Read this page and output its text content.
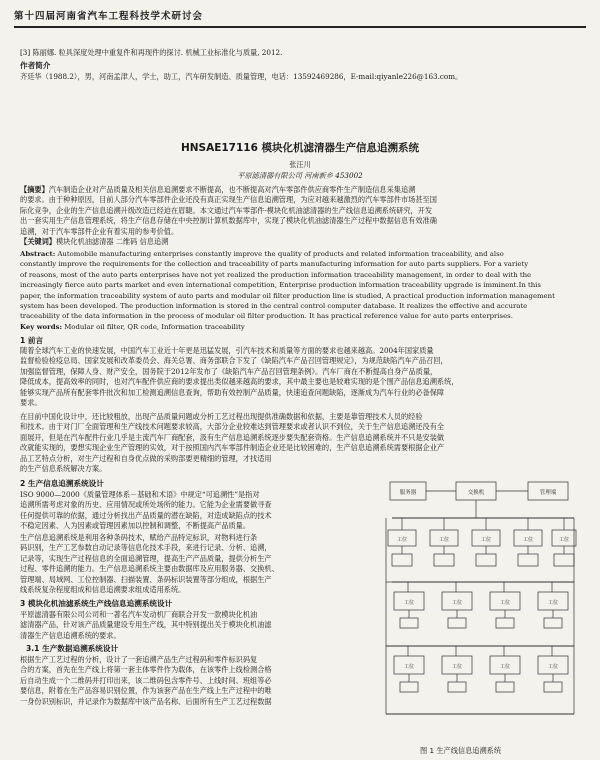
第十四届河南省汽车工程科技学术研讨会
[3] 陈丽娜. 粒具深度处理中重复件和再现件的探讨. 机械工业标准化与质量, 2012.
作者简介
齐廷华（1988.2），男，河南孟津人，学士，助工，汽车研发制造、质量管理，电话：13592469286，E-mail:qiyanle226@163.com。
HNSAE17116 模块化机滤清器生产信息追溯系统
张汪川
平原滤清器有限公司 河南新乡 453002
【摘要】汽车制造企业对产品质量及相关信息追溯要求不断提高，也不断提高对汽车零部件供应商零件生产制造信息采集追溯
的要求。由于种种原因，目前人部分汽车零部件企业还没有真正实现生产信息追溯管理，为应对越来越激烈的汽车零部件市场甚至国
际化竞争，企业的生产信息追溯升级改造已经迫在眉睫。本文通过汽车零部件-模块化机油滤清器的生产线信息追溯系统研究，开发
出一套实用生产信息管理系统，将生产信息存储在中央控制计算机数据库中，实现了模块化机油滤清器生产过程中数据信息有效准确
追溯，对于汽车零部件企业有着实用的参考价值。
【关键词】模块化机油滤清器 二维码 信息追溯
Abstract: Automobile manufacturing enterprises constantly improve the quality of products and related information traceability, and also
constantly improve the requirements for the collection and traceability of parts manufacturing information for auto parts suppliers. For a variety
of reasons, most of the auto parts enterprises have not yet realized the production information traceability management, in order to deal with the
increasingly fierce auto parts market and even international competition, Enterprise production information traceability upgrade is imminent.In this
paper, the information traceability system of auto parts and modular oil filter production line is studied, A practical production information management
system has been developed. The production information is stored in the central control computer database. It realizes the effective and accurate
traceability of the data information in the process of modular oil filter production. It has practical reference value for auto parts enterprises.
Key words: Modular oil filter, QR code, Information traceability
1 前言
随着全球汽车工业的快速发展，中国汽车工业近十年更是迅猛发展，引汽车技术和质量等方面的要求也越来越高。2004年国家质量
监督检验检疫总局、国家发展和改革委员会、海关总署、商务部联合下发了《缺陷汽车产品召回管理规定》，为规范缺陷汽车产品召回，
加强监督管理，保障人身、财产安全，国务院于2012年发布了《缺陷汽车产品召回管理条例》。汽车厂商在不断提高自身产品质量，
降低成本，提高效率的同时，也对汽车配件供应商的要求提出类似越来越高的要求，其中最主要也是较难实现的是个围产品信息追溯系统，
能够实现产品所有配套零件批次和加工检测追溯信息查询，帮助有效控制产品质量，快速追查问题缺陷，逐渐成为汽车行业的必备保障
要求。
在目前中国化设计中，还比较粗放，出现产品质量问题或分析工艺过程出现提供准确数据和依据，主要是靠管理技术人员的经验
和技术。由于对门厂全面管理和生产线技术问题要求较高，大部分企业较难达到管理要求或者认识不到位，关于生产信息追溯还没有全
面展开，但是在汽车配件行业几乎是主流汽车厂商配套，汲有生产信息追溯系统逐步要失配套资格。生产信息追溯系统并不只是安装做
改就能实现的，要想实现企业生产管理的实效，对于按照国内汽车零部件制造企业还是比较困难的，生产信息追溯系统需要根据企业产
品工艺特点分析，对生产过程和自身优点做的采购部要更精细的管理，才找适用
的生产信息系统解决方案。
2 生产信息追溯系统设计
ISO 9000—2000《质量管理体系－基础和术语》中规定“可追溯性”是指对
追溯所需考虑对象的历史、应用情况或所处场所的能力。它能为企业需要做寻查
任何提供可靠的依据，通过分析找出产品质量的潜在缺陷，对造成缺陷点的技术
不稳定因素、人为因素或管理因素加以控制和调整，不断提高产品质量。
生产信息追溯系统是利用各种条码技术，赋给产品特定标识，对物料进行条
码识别，生产工艺参数自动记录等信息化技术手段，来进行记录、分析、追溯，
记录等，实现生产过程信息的全面追溯管理，提高生产产品质量，提供分析生产
过程、零件追溯的能力。生产信息追溯系统主要由数据库及应用服务器、交换机、
管理端、局域网、工位控制器、扫描装置、条码标识装置等部分组成，根据生产
线系统复杂程度组成和信息追溯要求组成适用系统。
3 模块化机油滤系统生产线信息追溯系统设计
平原滤清器有限公司公司和一著名汽车发动机厂商联合开发一款模块化机油
滤清器产品，针对该产品质量建设专用生产线，其中特别提出关于模块化机油滤
清器生产信息追溯系统的要求。
3.1 生产数据追溯系统设计
根据生产工艺过程的分析，设计了一套追溯产品生产过程码和零件标识码复
合的方案，首先在生产线上将第一套主体零件作为载体，在该零件上线检测合格
后自动生成一个二维码并打印出来，该二维码包含零件号、上线时间、班组等必
要信息，附着在生产品容易识别位置，作为该套产品在生产线上生产过程中的唯
一身份识别标识，并记录作为数据库中该产品名称、后面所有生产工艺过程数据
服务器	交换机	管理端
工位	工位	工位	工位	工位
工位	工位	工位	工位
工位	工位	工位	工位
图 1 生产线信息追溯系统
